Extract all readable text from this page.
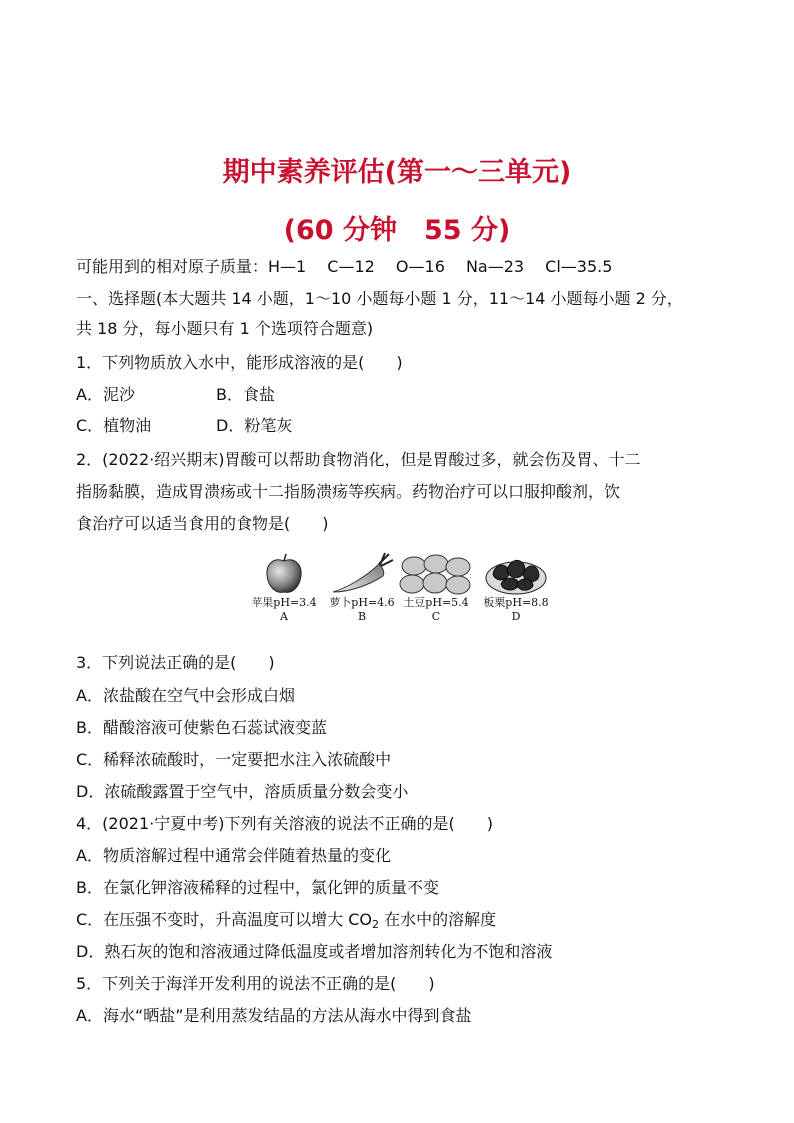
期中素养评估(第一～三单元)
(60 分钟　55 分)
可能用到的相对原子质量：H—1　 C—12　 O—16　 Na—23　 Cl—35.5
一、选择题(本大题共 14 小题，1～10 小题每小题 1 分，11～14 小题每小题 2 分，
共 18 分，每小题只有 1 个选项符合题意)
1．下列物质放入水中，能形成溶液的是(　　)
A．泥沙	B．食盐
C．植物油	D．粉笔灰
2．(2022·绍兴期末)胃酸可以帮助食物消化，但是胃酸过多，就会伤及胃、十二
指肠黏膜，造成胃溃疡或十二指肠溃疡等疾病。药物治疗可以口服抑酸剂，饮
食治疗可以适当食用的食物是(　　)
苹果pH=3.4
A
萝卜pH=4.6
B
土豆pH=5.4
C
板栗pH=8.8
D
3．下列说法正确的是(　　)
A．浓盐酸在空气中会形成白烟
B．醋酸溶液可使紫色石蕊试液变蓝
C．稀释浓硫酸时，一定要把水注入浓硫酸中
D．浓硫酸露置于空气中，溶质质量分数会变小
4．(2021·宁夏中考)下列有关溶液的说法不正确的是(　　)
A．物质溶解过程中通常会伴随着热量的变化
B．在氯化钾溶液稀释的过程中，氯化钾的质量不变
C．在压强不变时，升高温度可以增大 $CO_2$ 在水中的溶解度
D．熟石灰的饱和溶液通过降低温度或者增加溶剂转化为不饱和溶液
5．下列关于海洋开发利用的说法不正确的是(　　)
A．海水“晒盐”是利用蒸发结晶的方法从海水中得到食盐
